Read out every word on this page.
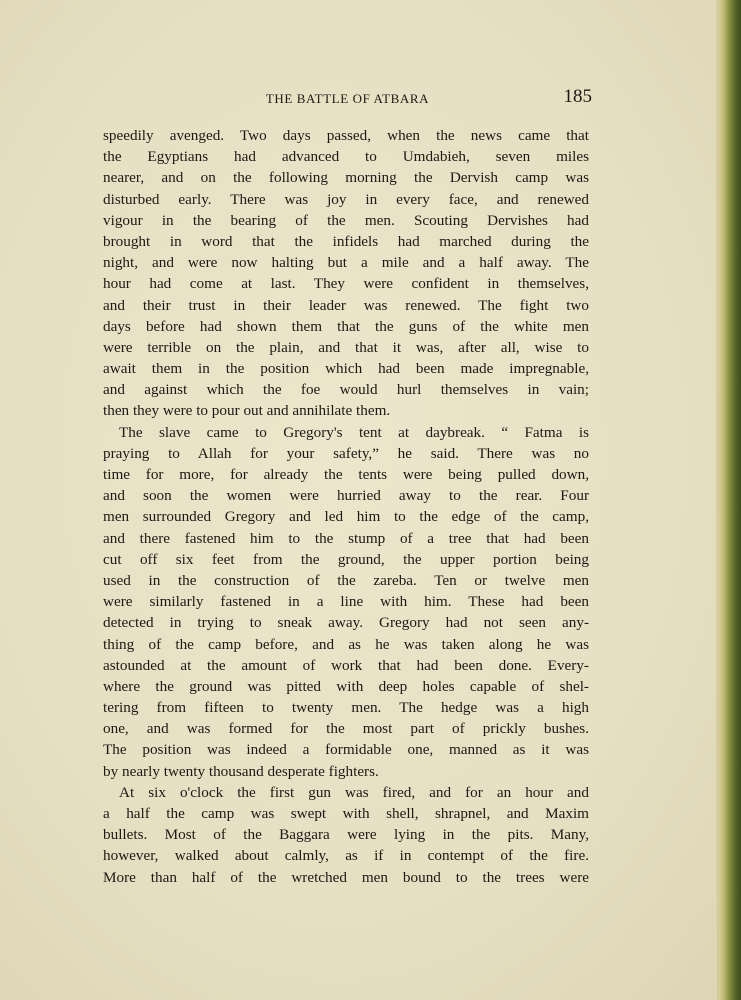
THE BATTLE OF ATBARA	185
speedily avenged. Two days passed, when the news came that
the Egyptians had advanced to Umdabieh, seven miles
nearer, and on the following morning the Dervish camp was
disturbed early. There was joy in every face, and renewed
vigour in the bearing of the men. Scouting Dervishes had
brought in word that the infidels had marched during the
night, and were now halting but a mile and a half away. The
hour had come at last. They were confident in themselves,
and their trust in their leader was renewed. The fight two
days before had shown them that the guns of the white men
were terrible on the plain, and that it was, after all, wise to
await them in the position which had been made impregnable,
and against which the foe would hurl themselves in vain;
then they were to pour out and annihilate them.
The slave came to Gregory's tent at daybreak. “ Fatma is
praying to Allah for your safety,” he said. There was no
time for more, for already the tents were being pulled down,
and soon the women were hurried away to the rear. Four
men surrounded Gregory and led him to the edge of the camp,
and there fastened him to the stump of a tree that had been
cut off six feet from the ground, the upper portion being
used in the construction of the zareba. Ten or twelve men
were similarly fastened in a line with him. These had been
detected in trying to sneak away. Gregory had not seen any-
thing of the camp before, and as he was taken along he was
astounded at the amount of work that had been done. Every-
where the ground was pitted with deep holes capable of shel-
tering from fifteen to twenty men. The hedge was a high
one, and was formed for the most part of prickly bushes.
The position was indeed a formidable one, manned as it was
by nearly twenty thousand desperate fighters.
At six o'clock the first gun was fired, and for an hour and
a half the camp was swept with shell, shrapnel, and Maxim
bullets. Most of the Baggara were lying in the pits. Many,
however, walked about calmly, as if in contempt of the fire.
More than half of the wretched men bound to the trees were
